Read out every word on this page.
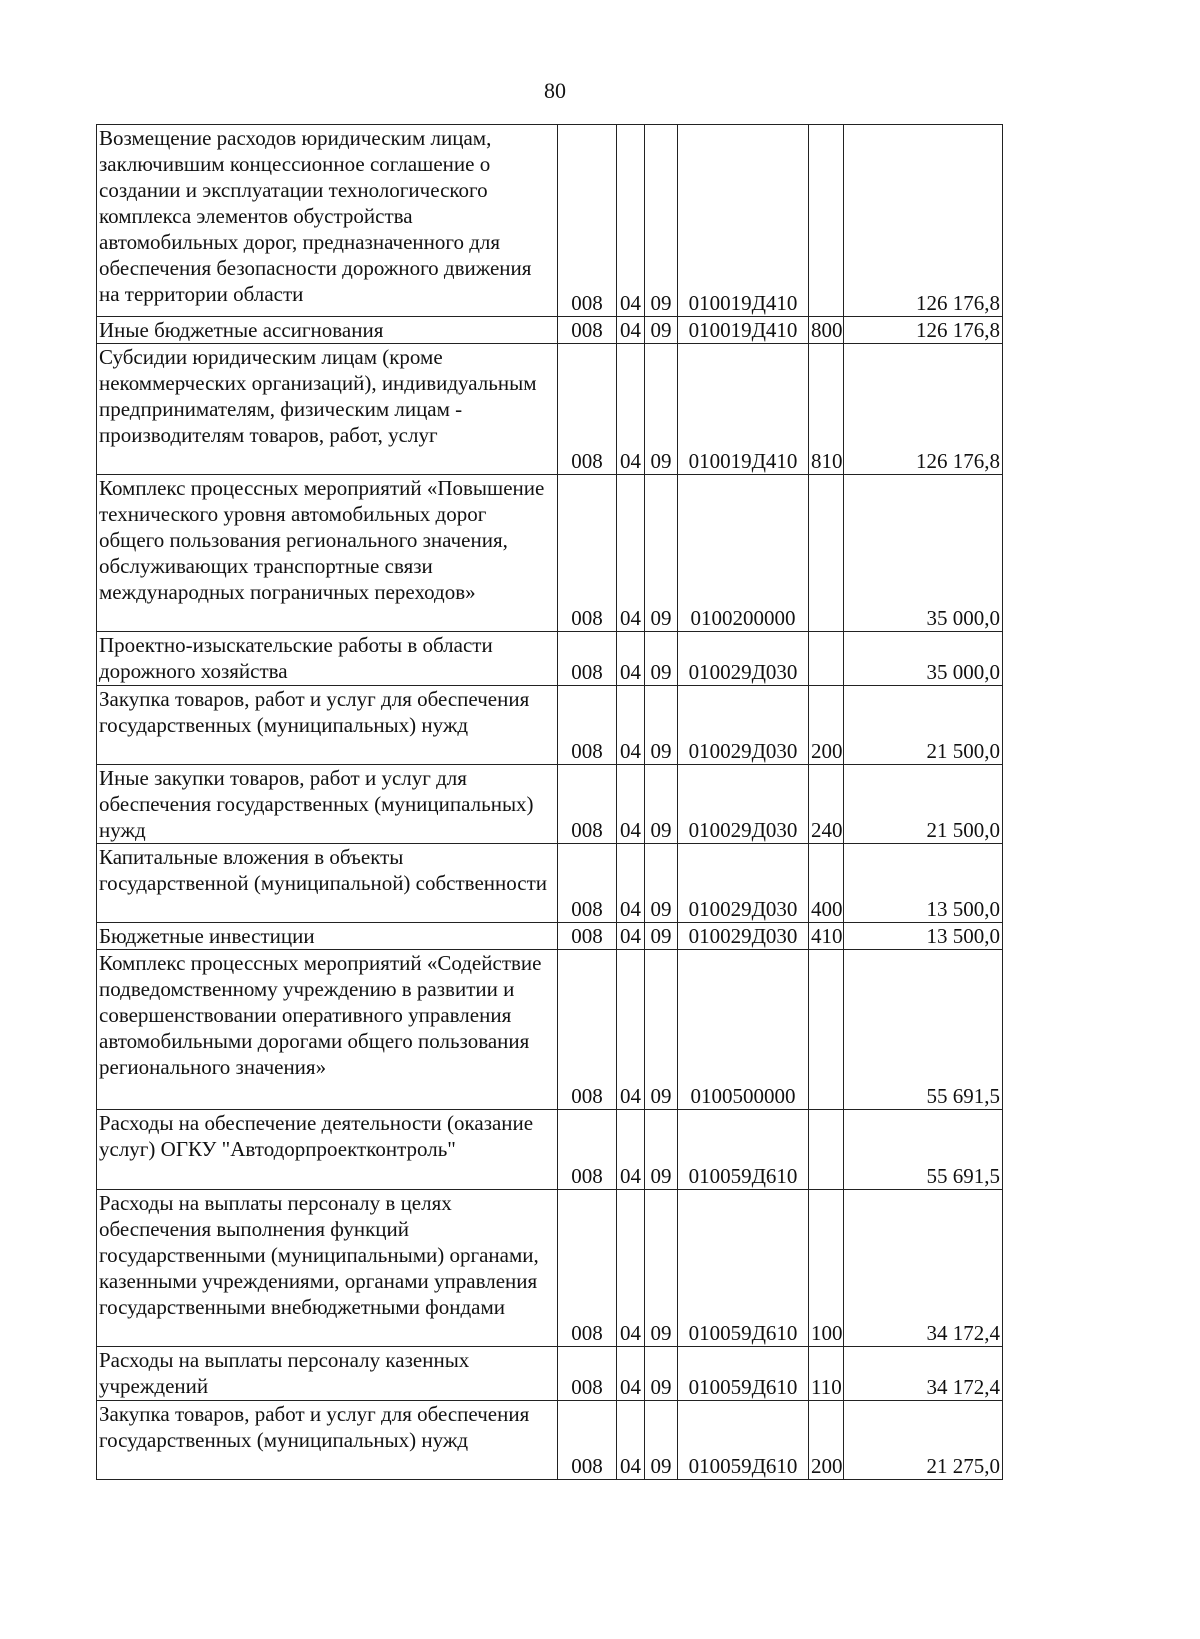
80
Возмещение расходов юридическим лицам, заключившим концессионное соглашение о создании и эксплуатации технологического комплекса элементов обустройства автомобильных дорог, предназначенного для обеспечения безопасности дорожного движения на территории области	008	04	09	010019Д410		126 176,8
Иные бюджетные ассигнования	008	04	09	010019Д410	800	126 176,8
Субсидии юридическим лицам (кроме некоммерческих организаций), индивидуальным предпринимателям, физическим лицам - производителям товаров, работ, услуг	008	04	09	010019Д410	810	126 176,8
Комплекс процессных мероприятий «Повышение технического уровня автомобильных дорог общего пользования регионального значения, обслуживающих транспортные связи международных пограничных переходов»	008	04	09	0100200000		35 000,0
Проектно-изыскательские работы в области дорожного хозяйства	008	04	09	010029Д030		35 000,0
Закупка товаров, работ и услуг для обеспечения государственных (муниципальных) нужд	008	04	09	010029Д030	200	21 500,0
Иные закупки товаров, работ и услуг для обеспечения государственных (муниципальных) нужд	008	04	09	010029Д030	240	21 500,0
Капитальные вложения в объекты государственной (муниципальной) собственности	008	04	09	010029Д030	400	13 500,0
Бюджетные инвестиции	008	04	09	010029Д030	410	13 500,0
Комплекс процессных мероприятий «Содействие подведомственному учреждению в развитии и совершенствовании оперативного управления автомобильными дорогами общего пользования регионального значения»	008	04	09	0100500000		55 691,5
Расходы на обеспечение деятельности (оказание услуг) ОГКУ "Автодорпроектконтроль"	008	04	09	010059Д610		55 691,5
Расходы на выплаты персоналу в целях обеспечения выполнения функций государственными (муниципальными) органами, казенными учреждениями, органами управления государственными внебюджетными фондами	008	04	09	010059Д610	100	34 172,4
Расходы на выплаты персоналу казенных учреждений	008	04	09	010059Д610	110	34 172,4
Закупка товаров, работ и услуг для обеспечения государственных (муниципальных) нужд	008	04	09	010059Д610	200	21 275,0
